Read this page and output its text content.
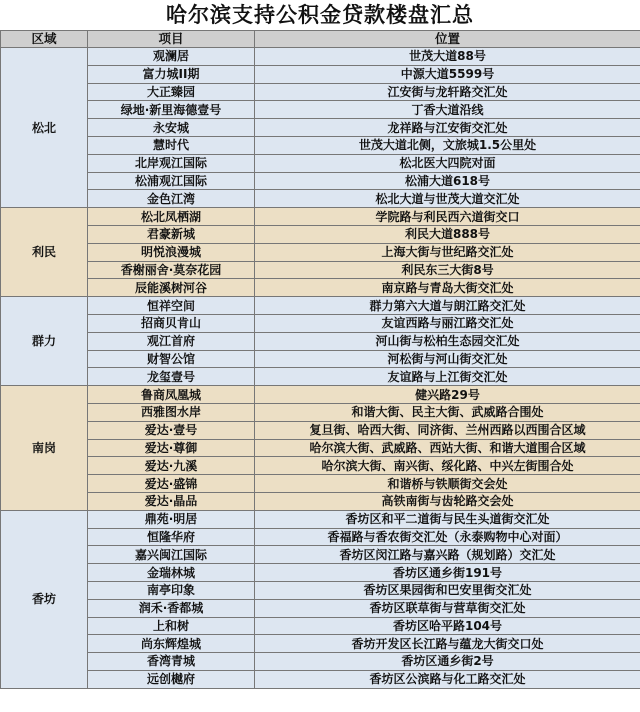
哈尔滨支持公积金贷款楼盘汇总
区域	项目	位置
松北	观澜居	世茂大道88号
	富力城II期	中源大道5599号
	大正臻园	江安街与龙轩路交汇处
	绿地·新里海德壹号	丁香大道沿线
	永安城	龙祥路与江安街交汇处
	慧时代	世茂大道北侧，文旅城1.5公里处
	北岸观江国际	松北医大四院对面
	松浦观江国际	松浦大道618号
	金色江湾	松北大道与世茂大道交汇处
利民	松北凤栖湖	学院路与利民西六道街交口
	君豪新城	利民大道888号
	明悦浪漫城	上海大街与世纪路交汇处
	香榭丽舍·莫奈花园	利民东三大街8号
	辰能溪树河谷	南京路与青岛大街交汇处
群力	恒祥空间	群力第六大道与朗江路交汇处
	招商贝肯山	友谊西路与丽江路交汇处
	观江首府	河山街与松柏生态园交汇处
	财智公馆	河松街与河山街交汇处
	龙玺壹号	友谊路与上江街交汇处
南岗	鲁商凤凰城	健兴路29号
	西雅图水岸	和谐大街、民主大街、武威路合围处
	爱达·壹号	复旦街、哈西大街、同济街、兰州西路以西围合区域
	爱达·尊御	哈尔滨大街、武威路、西站大街、和谐大道围合区域
	爱达·九溪	哈尔滨大街、南兴街、绥化路、中兴左街围合处
	爱达·盛锦	和谐桥与铁顺街交会处
	爱达·晶品	高铁南街与齿轮路交会处
香坊	鼎苑·明居	香坊区和平二道街与民生头道街交汇处
	恒隆华府	香福路与香农街交汇处（永泰购物中心对面）
	嘉兴闽江国际	香坊区闵江路与嘉兴路（规划路）交汇处
	金瑞林城	香坊区通乡街191号
	南亭印象	香坊区果园街和巴安里街交汇处
	润禾·香都城	香坊区联草街与营草街交汇处
	上和树	香坊区哈平路104号
	尚东辉煌城	香坊开发区长江路与蕴龙大街交口处
	香湾青城	香坊区通乡街2号
	远创樾府	香坊区公滨路与化工路交汇处
